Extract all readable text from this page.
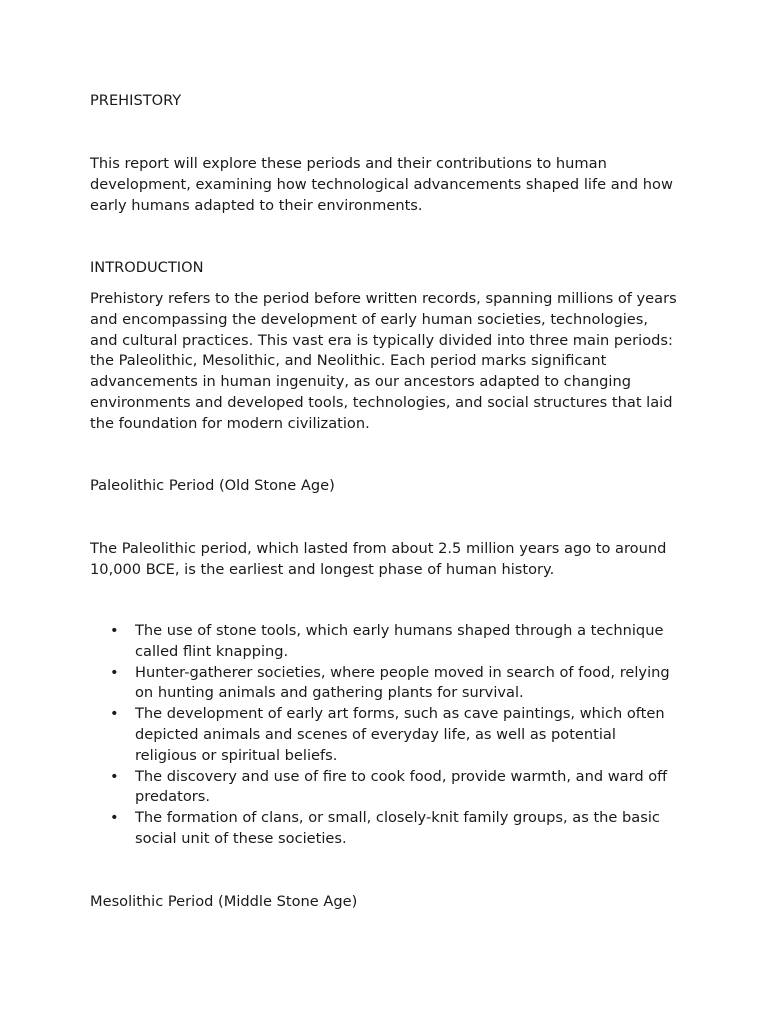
PREHISTORY

This report will explore these periods and their contributions to human development, examining how technological advancements shaped life and how early humans adapted to their environments.

INTRODUCTION

Prehistory refers to the period before written records, spanning millions of years and encompassing the development of early human societies, technologies, and cultural practices. This vast era is typically divided into three main periods: the Paleolithic, Mesolithic, and Neolithic. Each period marks significant advancements in human ingenuity, as our ancestors adapted to changing environments and developed tools, technologies, and social structures that laid the foundation for modern civilization.

Paleolithic Period (Old Stone Age)

The Paleolithic period, which lasted from about 2.5 million years ago to around 10,000 BCE, is the earliest and longest phase of human history.

• The use of stone tools, which early humans shaped through a technique called flint knapping.
• Hunter-gatherer societies, where people moved in search of food, relying on hunting animals and gathering plants for survival.
• The development of early art forms, such as cave paintings, which often depicted animals and scenes of everyday life, as well as potential religious or spiritual beliefs.
• The discovery and use of fire to cook food, provide warmth, and ward off predators.
• The formation of clans, or small, closely-knit family groups, as the basic social unit of these societies.

Mesolithic Period (Middle Stone Age)
